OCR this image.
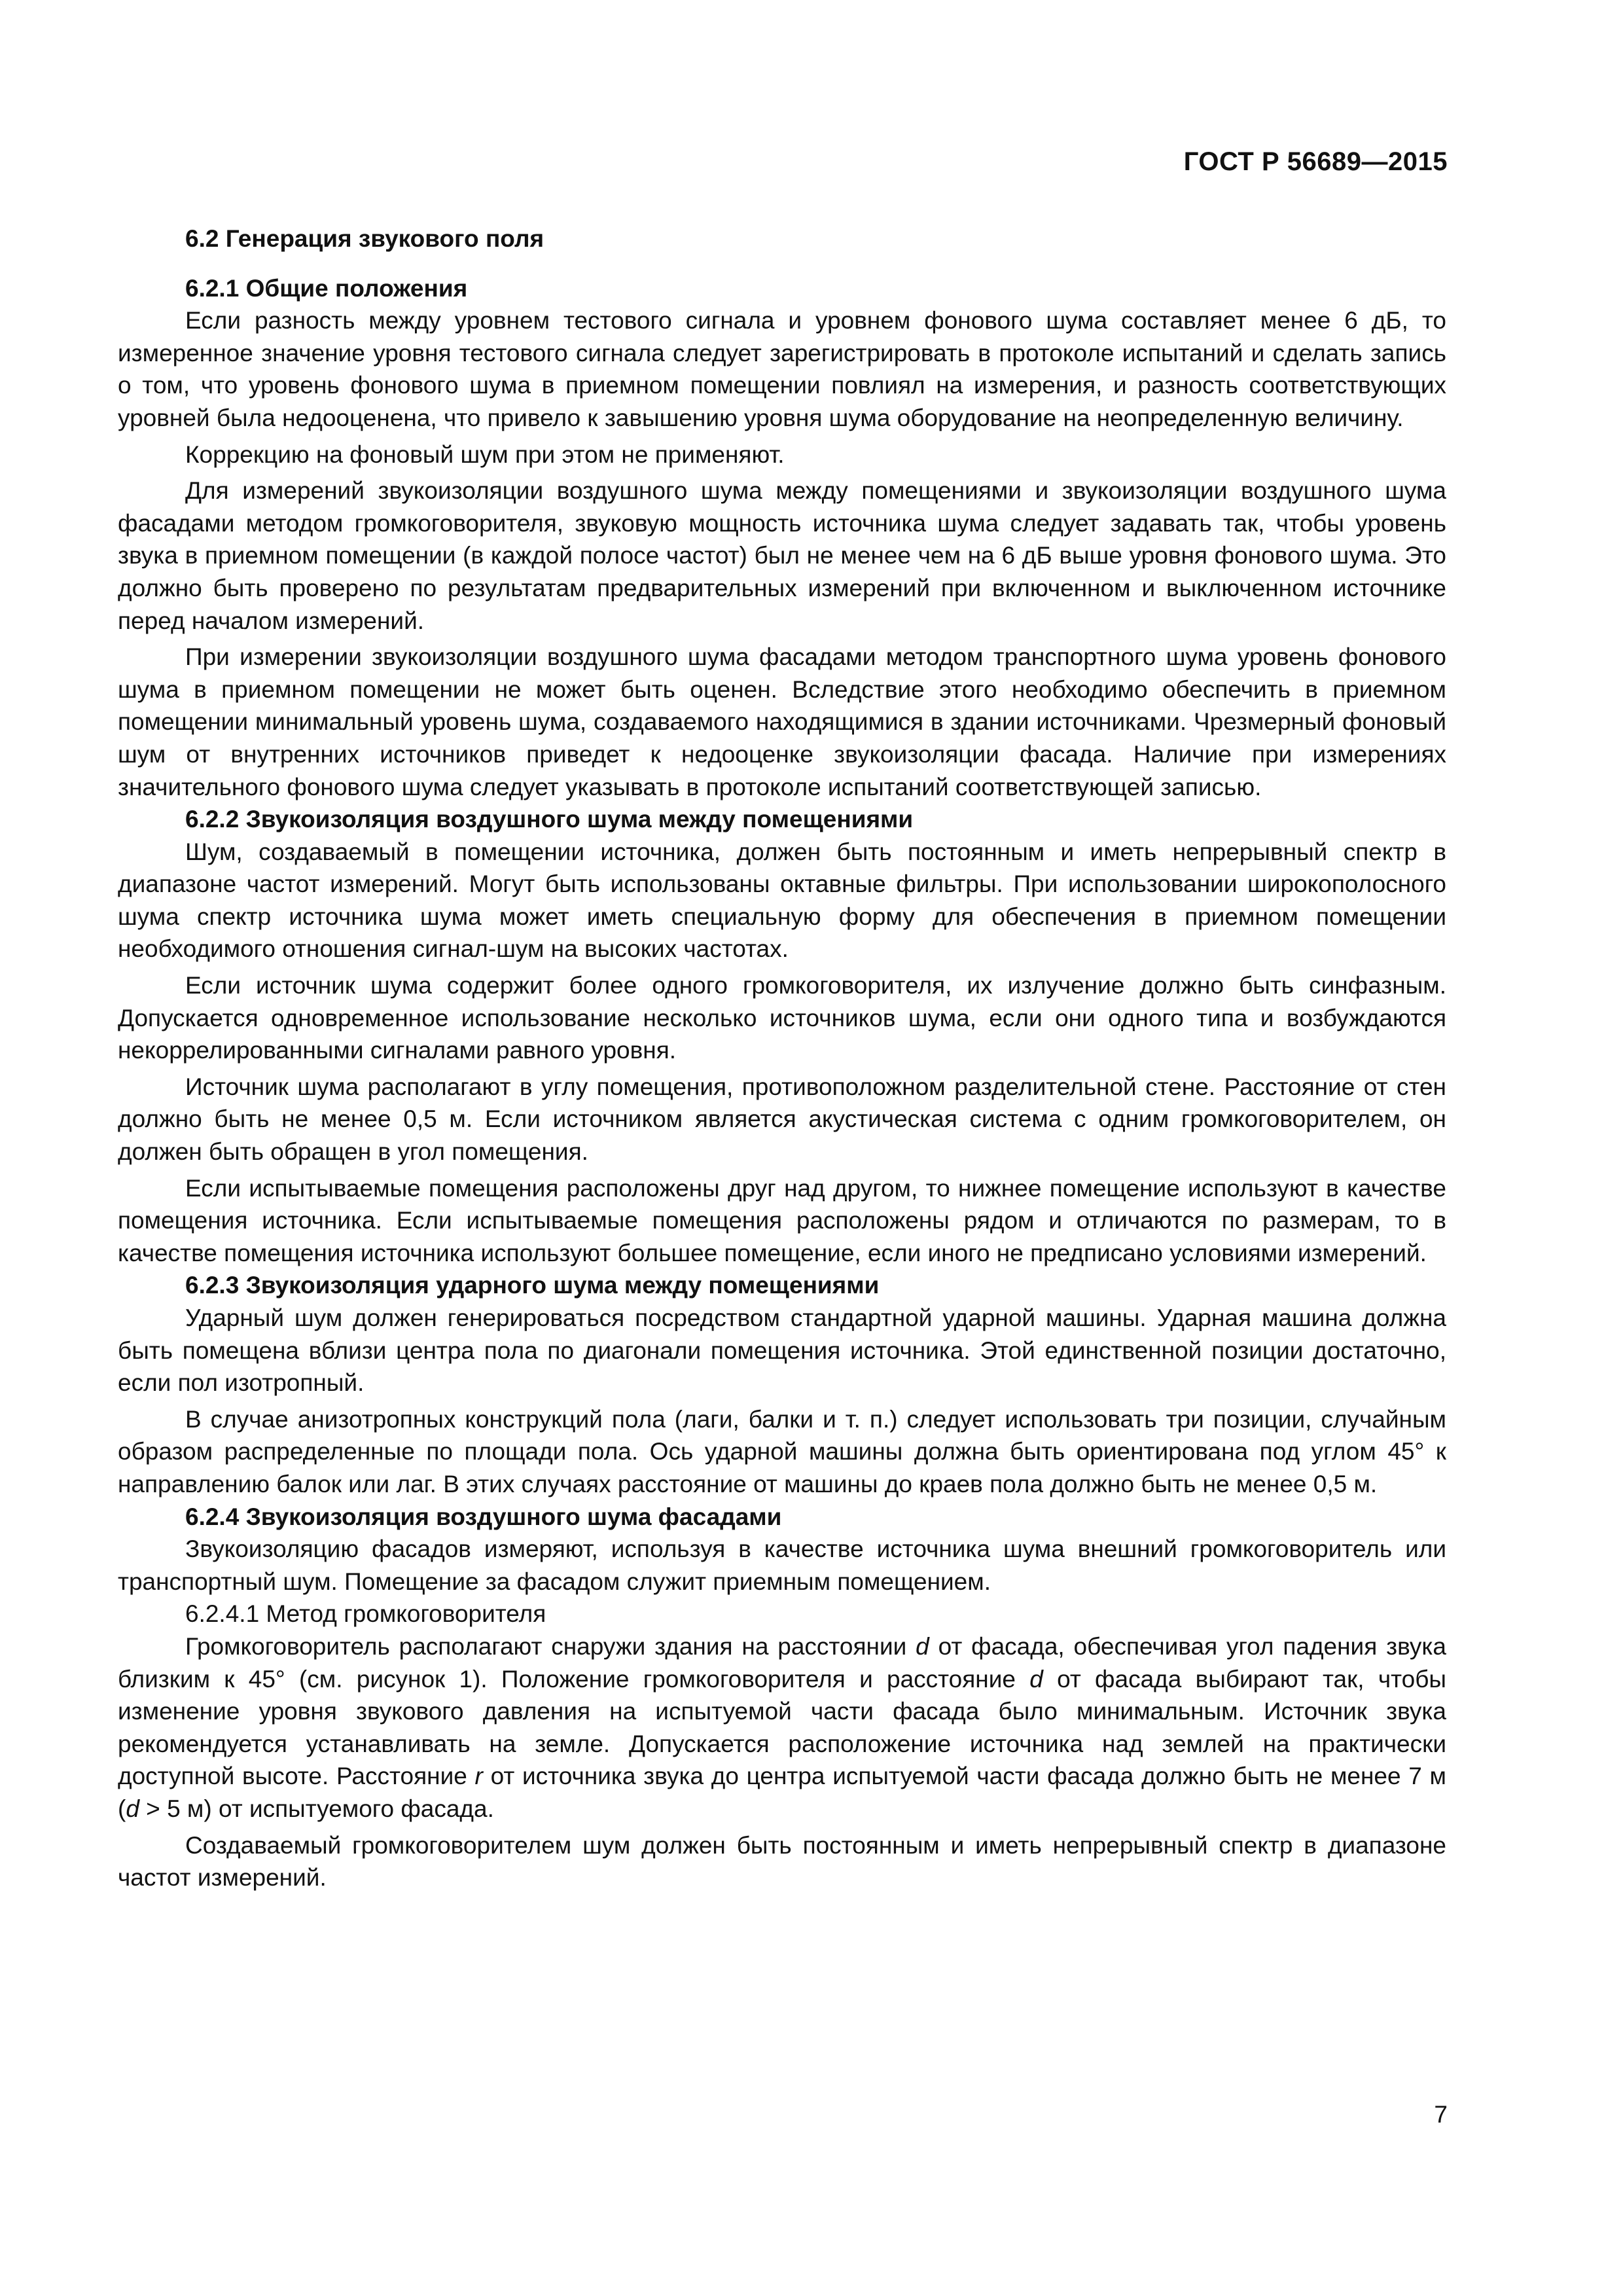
ГОСТ Р 56689—2015
6.2 Генерация звукового поля
6.2.1 Общие положения

Если разность между уровнем тестового сигнала и уровнем фонового шума составляет менее 6 дБ, то измеренное значение уровня тестового сигнала следует зарегистрировать в протоколе испытаний и сделать запись о том, что уровень фонового шума в приемном помещении повлиял на измерения, и разность соответствующих уровней была недооценена, что привело к завышению уровня шума оборудование на неопределенную величину.

Коррекцию на фоновый шум при этом не применяют.

Для измерений звукоизоляции воздушного шума между помещениями и звукоизоляции воздушного шума фасадами методом громкоговорителя, звуковую мощность источника шума следует задавать так, чтобы уровень звука в приемном помещении (в каждой полосе частот) был не менее чем на 6 дБ выше уровня фонового шума. Это должно быть проверено по результатам предварительных измерений при включенном и выключенном источнике перед началом измерений.

При измерении звукоизоляции воздушного шума фасадами методом транспортного шума уровень фонового шума в приемном помещении не может быть оценен. Вследствие этого необходимо обеспечить в приемном помещении минимальный уровень шума, создаваемого находящимися в здании источниками. Чрезмерный фоновый шум от внутренних источников приведет к недооценке звукоизоляции фасада. Наличие при измерениях значительного фонового шума следует указывать в протоколе испытаний соответствующей записью.

6.2.2 Звукоизоляция воздушного шума между помещениями

Шум, создаваемый в помещении источника, должен быть постоянным и иметь непрерывный спектр в диапазоне частот измерений. Могут быть использованы октавные фильтры. При использовании широкополосного шума спектр источника шума может иметь специальную форму для обеспечения в приемном помещении необходимого отношения сигнал-шум на высоких частотах.

Если источник шума содержит более одного громкоговорителя, их излучение должно быть синфазным. Допускается одновременное использование несколько источников шума, если они одного типа и возбуждаются некоррелированными сигналами равного уровня.

Источник шума располагают в углу помещения, противоположном разделительной стене. Расстояние от стен должно быть не менее 0,5 м. Если источником является акустическая система с одним громкоговорителем, он должен быть обращен в угол помещения.

Если испытываемые помещения расположены друг над другом, то нижнее помещение используют в качестве помещения источника. Если испытываемые помещения расположены рядом и отличаются по размерам, то в качестве помещения источника используют большее помещение, если иного не предписано условиями измерений.

6.2.3 Звукоизоляция ударного шума между помещениями

Ударный шум должен генерироваться посредством стандартной ударной машины. Ударная машина должна быть помещена вблизи центра пола по диагонали помещения источника. Этой единственной позиции достаточно, если пол изотропный.

В случае анизотропных конструкций пола (лаги, балки и т. п.) следует использовать три позиции, случайным образом распределенные по площади пола. Ось ударной машины должна быть ориентирована под углом 45° к направлению балок или лаг. В этих случаях расстояние от машины до краев пола должно быть не менее 0,5 м.

6.2.4 Звукоизоляция воздушного шума фасадами

Звукоизоляцию фасадов измеряют, используя в качестве источника шума внешний громкоговоритель или транспортный шум. Помещение за фасадом служит приемным помещением.

6.2.4.1 Метод громкоговорителя

Громкоговоритель располагают снаружи здания на расстоянии d от фасада, обеспечивая угол падения звука близким к 45° (см. рисунок 1). Положение громкоговорителя и расстояние d от фасада выбирают так, чтобы изменение уровня звукового давления на испытуемой части фасада было минимальным. Источник звука рекомендуется устанавливать на земле. Допускается расположение источника над землей на практически доступной высоте. Расстояние r от источника звука до центра испытуемой части фасада должно быть не менее 7 м (d > 5 м) от испытуемого фасада.

Создаваемый громкоговорителем шум должен быть постоянным и иметь непрерывный спектр в диапазоне частот измерений.

7
